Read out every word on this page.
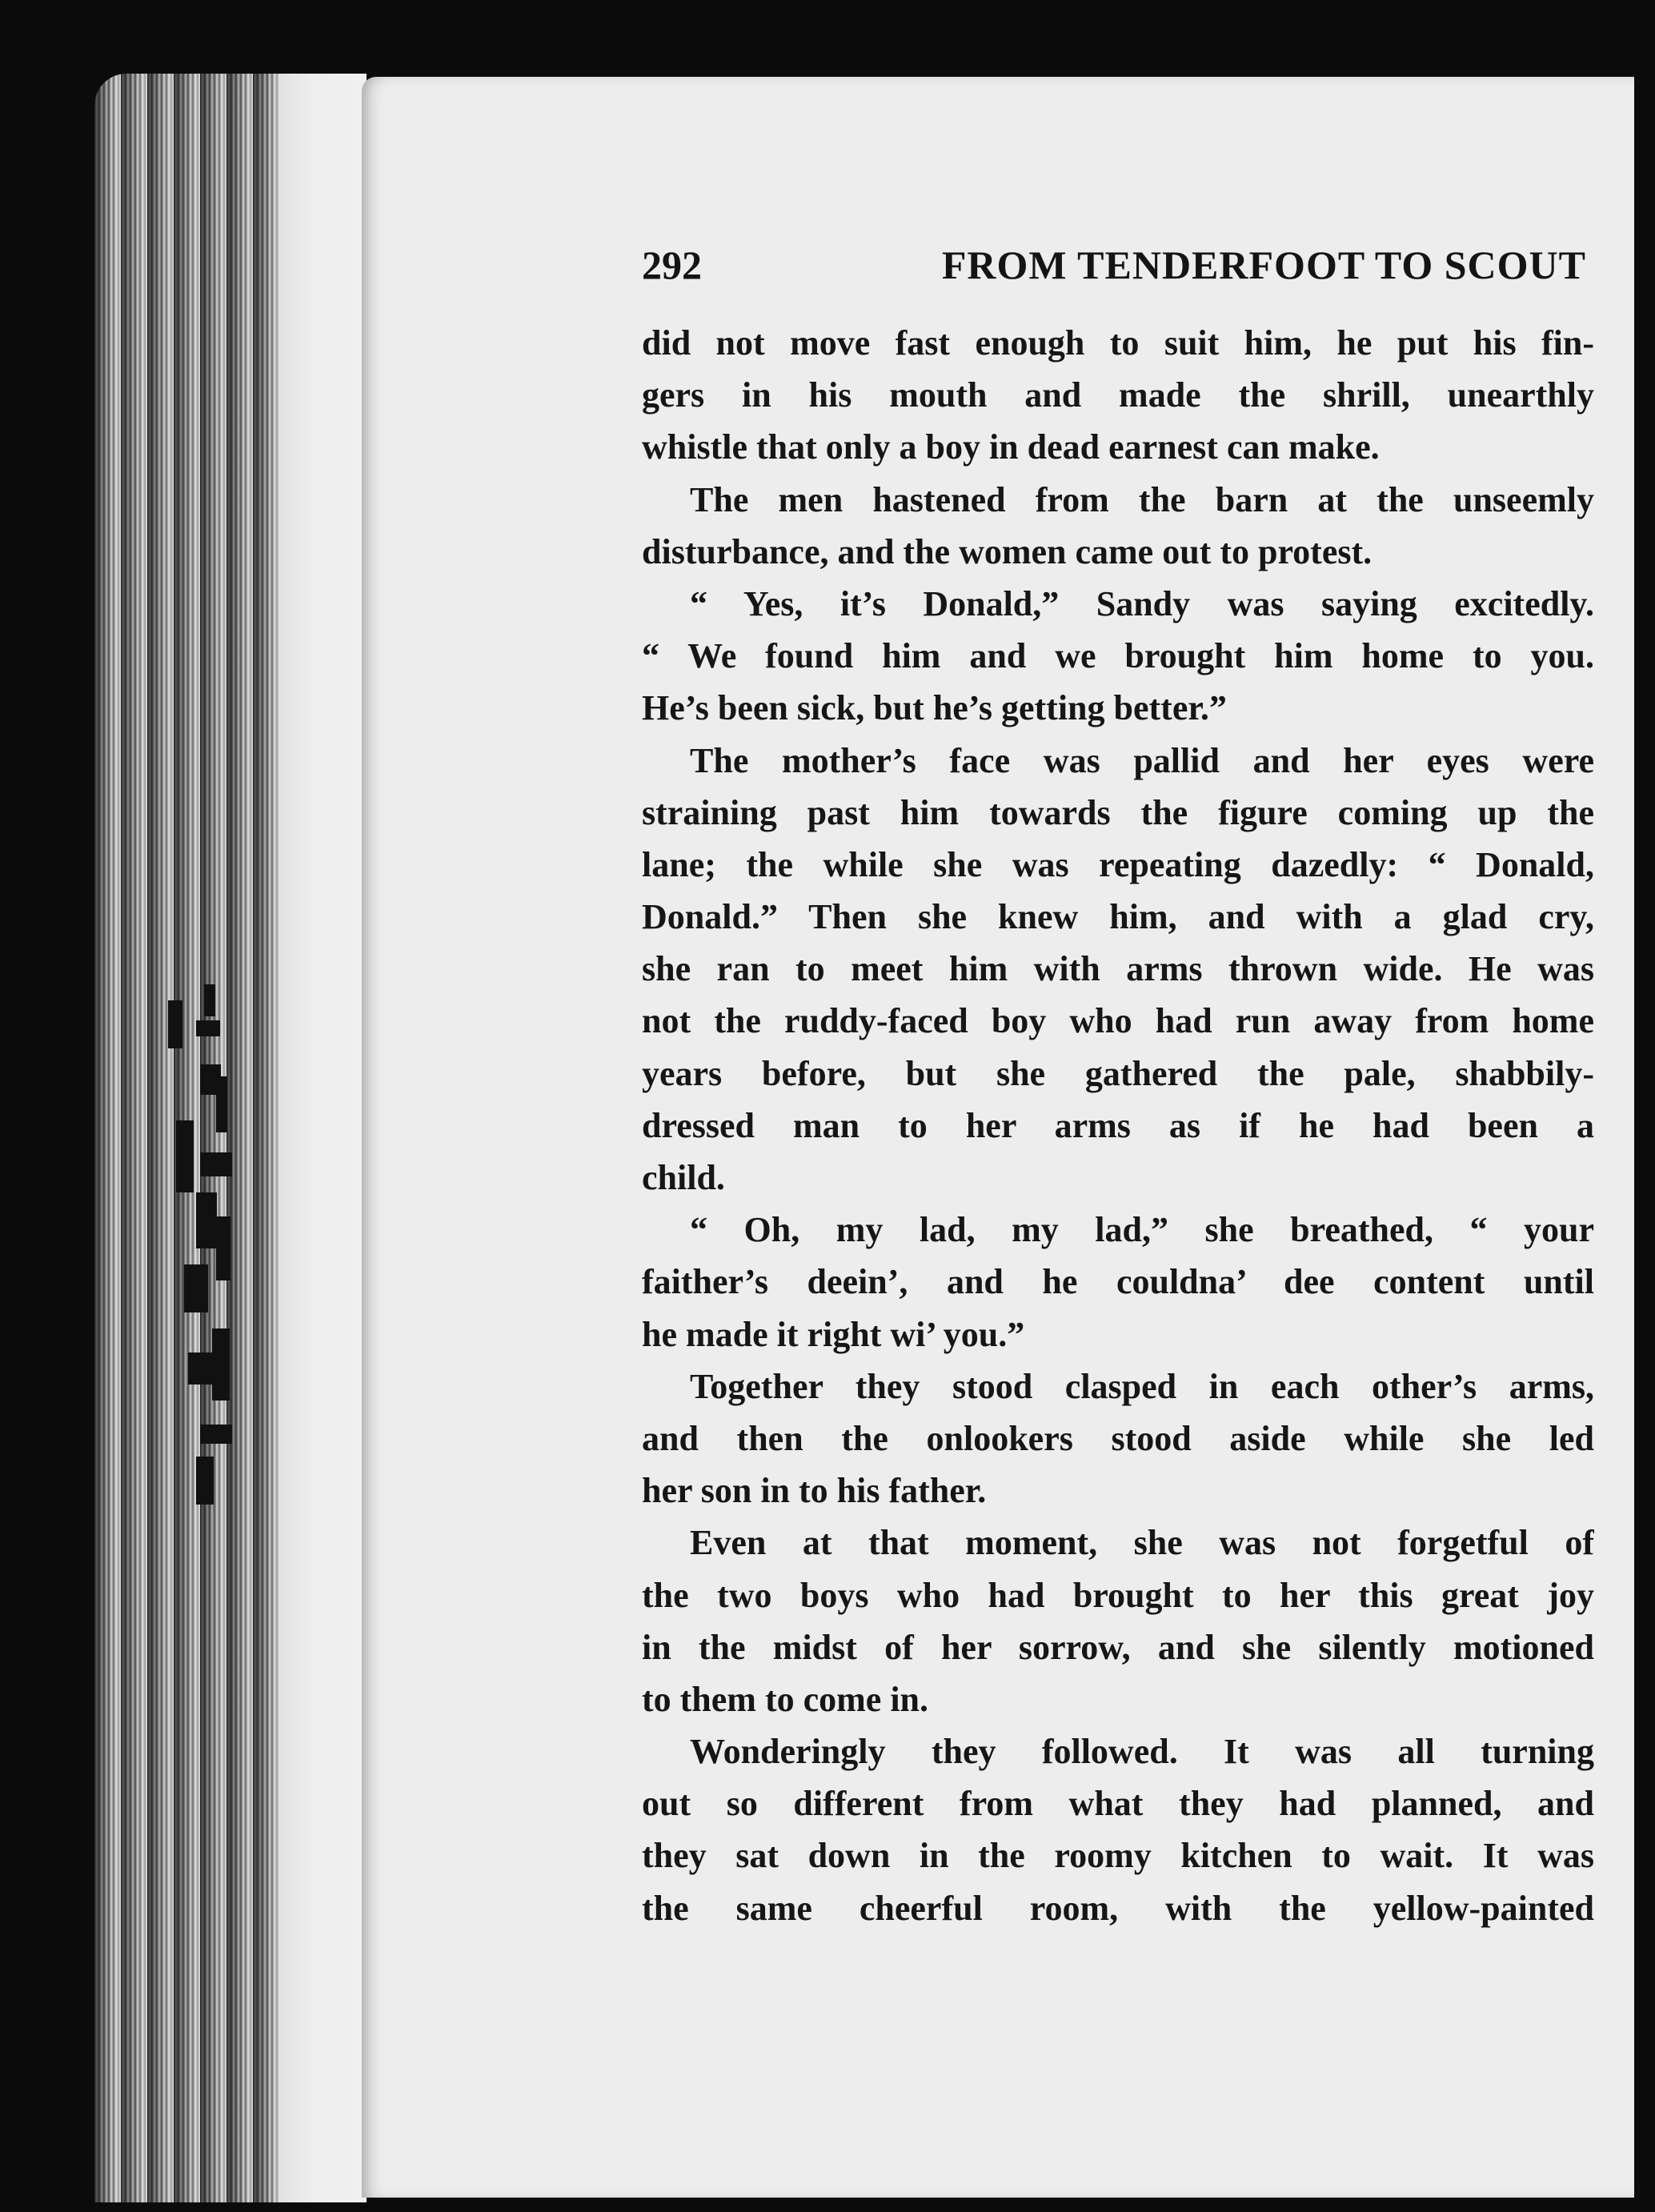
292	FROM TENDERFOOT TO SCOUT
did not move fast enough to suit him, he put his fin-
gers in his mouth and made the shrill, unearthly
whistle that only a boy in dead earnest can make.
The men hastened from the barn at the unseemly
disturbance, and the women came out to protest.
“ Yes, it’s Donald,” Sandy was saying excitedly.
“ We found him and we brought him home to you.
He’s been sick, but he’s getting better.”
The mother’s face was pallid and her eyes were
straining past him towards the figure coming up the
lane; the while she was repeating dazedly: “ Donald,
Donald.” Then she knew him, and with a glad cry,
she ran to meet him with arms thrown wide. He was
not the ruddy-faced boy who had run away from home
years before, but she gathered the pale, shabbily-
dressed man to her arms as if he had been a
child.
“ Oh, my lad, my lad,” she breathed, “ your
faither’s deein’, and he couldna’ dee content until
he made it right wi’ you.”
Together they stood clasped in each other’s arms,
and then the onlookers stood aside while she led
her son in to his father.
Even at that moment, she was not forgetful of
the two boys who had brought to her this great joy
in the midst of her sorrow, and she silently motioned
to them to come in.
Wonderingly they followed. It was all turning
out so different from what they had planned, and
they sat down in the roomy kitchen to wait. It was
the same cheerful room, with the yellow-painted
